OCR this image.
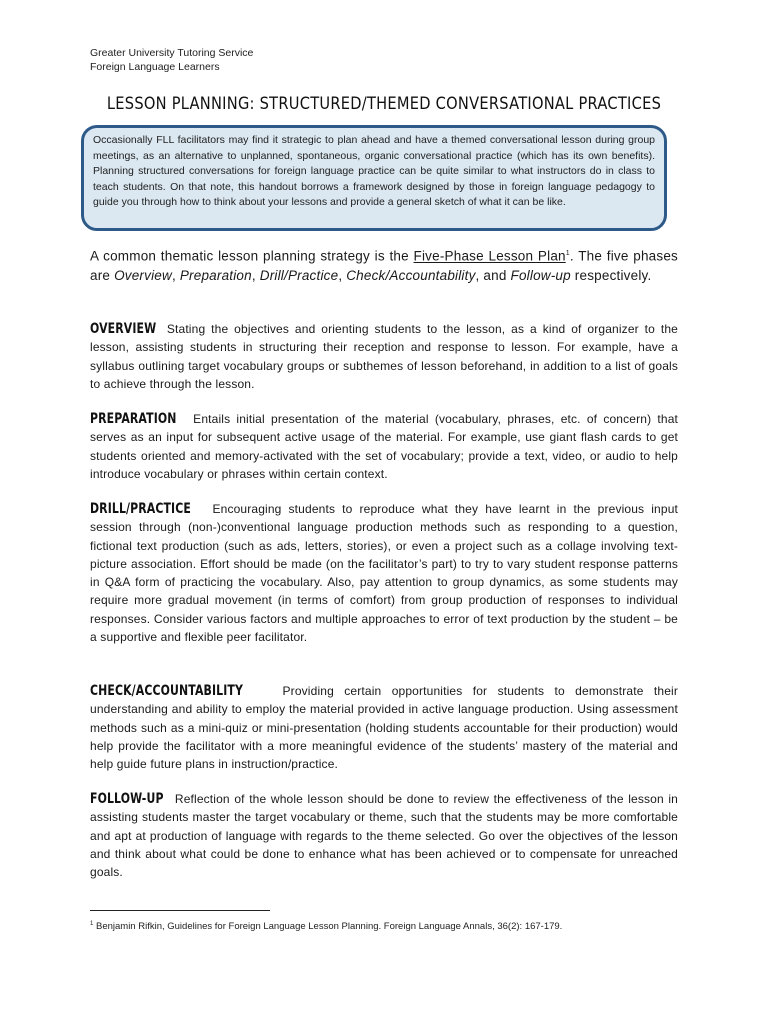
Greater University Tutoring Service
Foreign Language Learners
LESSON PLANNING: STRUCTURED/THEMED CONVERSATIONAL PRACTICES
Occasionally FLL facilitators may find it strategic to plan ahead and have a themed conversational lesson during group meetings, as an alternative to unplanned, spontaneous, organic conversational practice (which has its own benefits). Planning structured conversations for foreign language practice can be quite similar to what instructors do in class to teach students. On that note, this handout borrows a framework designed by those in foreign language pedagogy to guide you through how to think about your lessons and provide a general sketch of what it can be like.
A common thematic lesson planning strategy is the Five-Phase Lesson Plan$^1$. The five phases are Overview, Preparation, Drill/Practice, Check/Accountability, and Follow-up respectively.
OVERVIEW Stating the objectives and orienting students to the lesson, as a kind of organizer to the lesson, assisting students in structuring their reception and response to lesson. For example, have a syllabus outlining target vocabulary groups or subthemes of lesson beforehand, in addition to a list of goals to achieve through the lesson.
PREPARATION Entails initial presentation of the material (vocabulary, phrases, etc. of concern) that serves as an input for subsequent active usage of the material. For example, use giant flash cards to get students oriented and memory-activated with the set of vocabulary; provide a text, video, or audio to help introduce vocabulary or phrases within certain context.
DRILL/PRACTICE Encouraging students to reproduce what they have learnt in the previous input session through (non-)conventional language production methods such as responding to a question, fictional text production (such as ads, letters, stories), or even a project such as a collage involving text-picture association. Effort should be made (on the facilitator’s part) to try to vary student response patterns in Q&A form of practicing the vocabulary. Also, pay attention to group dynamics, as some students may require more gradual movement (in terms of comfort) from group production of responses to individual responses. Consider various factors and multiple approaches to error of text production by the student – be a supportive and flexible peer facilitator.
CHECK/ACCOUNTABILITY	Providing certain opportunities for students to demonstrate their understanding and ability to employ the material provided in active language production. Using assessment methods such as a mini-quiz or mini-presentation (holding students accountable for their production) would help provide the facilitator with a more meaningful evidence of the students’ mastery of the material and help guide future plans in instruction/practice.
FOLLOW-UP Reflection of the whole lesson should be done to review the effectiveness of the lesson in assisting students master the target vocabulary or theme, such that the students may be more comfortable and apt at production of language with regards to the theme selected. Go over the objectives of the lesson and think about what could be done to enhance what has been achieved or to compensate for unreached goals.
$^1$ Benjamin Rifkin, Guidelines for Foreign Language Lesson Planning. Foreign Language Annals, 36(2): 167-179.
